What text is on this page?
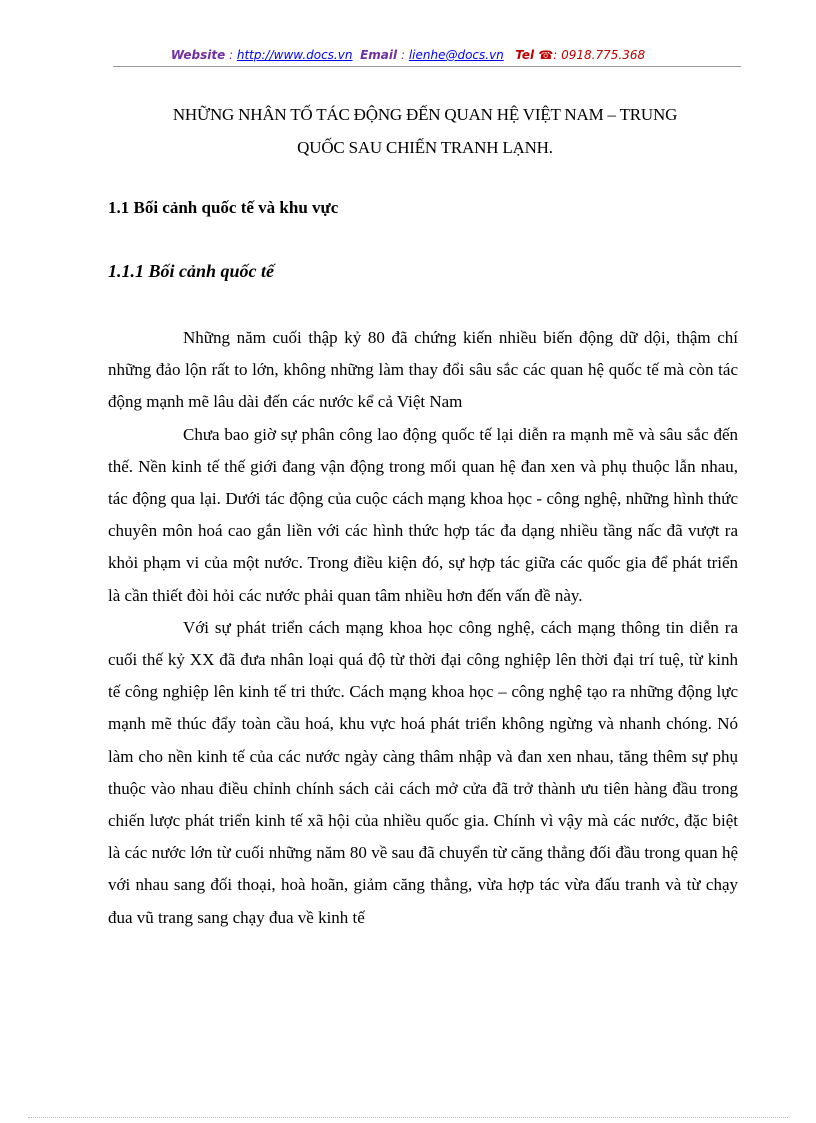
Website : http://www.docs.vn Email : lienhe@docs.vn Tel ☎: 0918.775.368
NHỮNG NHÂN TỐ TÁC ĐỘNG ĐẾN QUAN HỆ VIỆT NAM – TRUNG
QUỐC SAU CHIẾN TRANH LẠNH.
1.1 Bối cảnh quốc tế và khu vực
1.1.1 Bối cảnh quốc tế

Những năm cuối thập kỷ 80 đã chứng kiến nhiều biến động dữ dội, thậm chí những đảo lộn rất to lớn, không những làm thay đổi sâu sắc các quan hệ quốc tế mà còn tác động mạnh mẽ lâu dài đến các nước kể cả Việt Nam

Chưa bao giờ sự phân công lao động quốc tế lại diễn ra mạnh mẽ và sâu sắc đến thế. Nền kinh tế thế giới đang vận động trong mối quan hệ đan xen và phụ thuộc lẫn nhau, tác động qua lại. Dưới tác động của cuộc cách mạng khoa học - công nghệ, những hình thức chuyên môn hoá cao gắn liền với các hình thức hợp tác đa dạng nhiều tầng nấc đã vượt ra khỏi phạm vi của một nước. Trong điều kiện đó, sự hợp tác giữa các quốc gia để phát triển là cần thiết đòi hỏi các nước phải quan tâm nhiều hơn đến vấn đề này.

Với sự phát triển cách mạng khoa học công nghệ, cách mạng thông tin diễn ra cuối thế kỷ XX đã đưa nhân loại quá độ từ thời đại công nghiệp lên thời đại trí tuệ, từ kinh tế công nghiệp lên kinh tế tri thức. Cách mạng khoa học – công nghệ tạo ra những động lực mạnh mẽ thúc đẩy toàn cầu hoá, khu vực hoá phát triển không ngừng và nhanh chóng. Nó làm cho nền kinh tế của các nước ngày càng thâm nhập và đan xen nhau, tăng thêm sự phụ thuộc vào nhau điều chỉnh chính sách cải cách mở cửa đã trở thành ưu tiên hàng đầu trong chiến lược phát triển kinh tế xã hội của nhiều quốc gia. Chính vì vậy mà các nước, đặc biệt là các nước lớn từ cuối những năm 80 về sau đã chuyển từ căng thẳng đối đầu trong quan hệ với nhau sang đối thoại, hoà hoãn, giảm căng thẳng, vừa hợp tác vừa đấu tranh và từ chạy đua vũ trang sang chạy đua về kinh tế
